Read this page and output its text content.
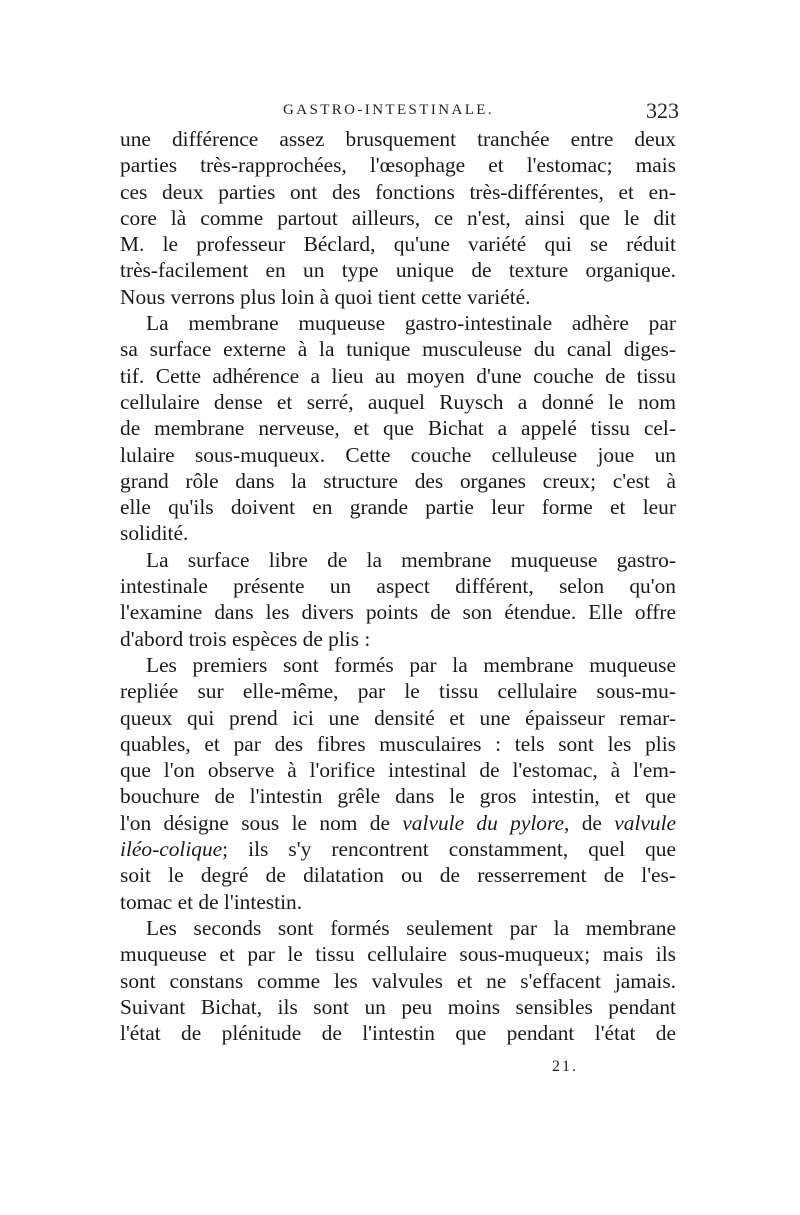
GASTRO-INTESTINALE.	323
une différence assez brusquement tranchée entre deux
parties très-rapprochées, l'œsophage et l'estomac; mais
ces deux parties ont des fonctions très-différentes, et en-
core là comme partout ailleurs, ce n'est, ainsi que le dit
M. le professeur Béclard, qu'une variété qui se réduit
très-facilement en un type unique de texture organique.
Nous verrons plus loin à quoi tient cette variété.
La membrane muqueuse gastro-intestinale adhère par
sa surface externe à la tunique musculeuse du canal diges-
tif. Cette adhérence a lieu au moyen d'une couche de tissu
cellulaire dense et serré, auquel Ruysch a donné le nom
de membrane nerveuse, et que Bichat a appelé tissu cel-
lulaire sous-muqueux. Cette couche celluleuse joue un
grand rôle dans la structure des organes creux; c'est à
elle qu'ils doivent en grande partie leur forme et leur
solidité.
La surface libre de la membrane muqueuse gastro-
intestinale présente un aspect différent, selon qu'on
l'examine dans les divers points de son étendue. Elle offre
d'abord trois espèces de plis :
Les premiers sont formés par la membrane muqueuse
repliée sur elle-même, par le tissu cellulaire sous-mu-
queux qui prend ici une densité et une épaisseur remar-
quables, et par des fibres musculaires : tels sont les plis
que l'on observe à l'orifice intestinal de l'estomac, à l'em-
bouchure de l'intestin grêle dans le gros intestin, et que
l'on désigne sous le nom de valvule du pylore, de valvule
iléo-colique; ils s'y rencontrent constamment, quel que
soit le degré de dilatation ou de resserrement de l'es-
tomac et de l'intestin.
Les seconds sont formés seulement par la membrane
muqueuse et par le tissu cellulaire sous-muqueux; mais ils
sont constans comme les valvules et ne s'effacent jamais.
Suivant Bichat, ils sont un peu moins sensibles pendant
l'état de plénitude de l'intestin que pendant l'état de
21.
